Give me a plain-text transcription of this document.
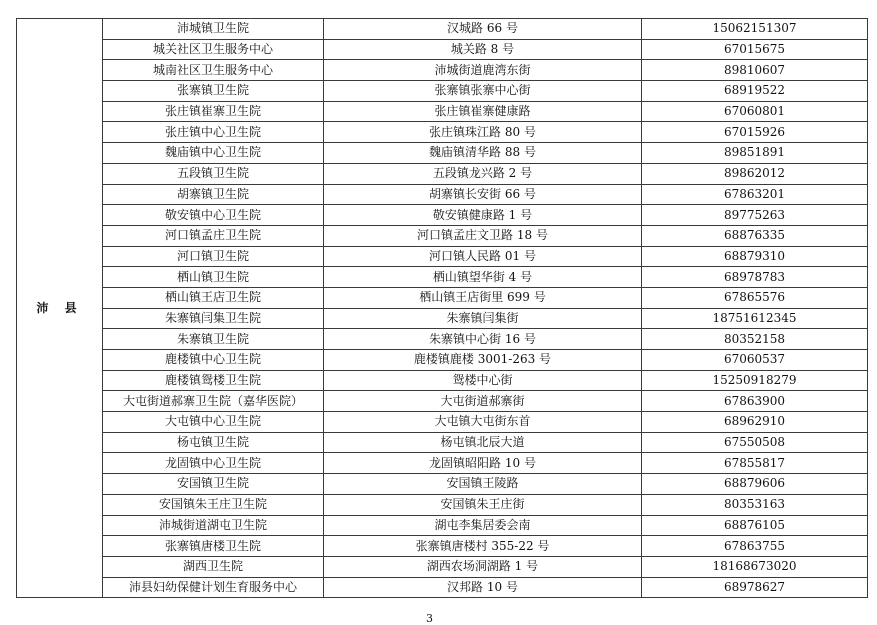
沛 县	沛城镇卫生院	汉城路 66 号	15062151307
	城关社区卫生服务中心	城关路 8 号	67015675
	城南社区卫生服务中心	沛城街道鹿湾东街	89810607
	张寨镇卫生院	张寨镇张寨中心街	68919522
	张庄镇崔寨卫生院	张庄镇崔寨健康路	67060801
	张庄镇中心卫生院	张庄镇珠江路 80 号	67015926
	魏庙镇中心卫生院	魏庙镇清华路 88 号	89851891
	五段镇卫生院	五段镇龙兴路 2 号	89862012
	胡寨镇卫生院	胡寨镇长安街 66 号	67863201
	敬安镇中心卫生院	敬安镇健康路 1 号	89775263
	河口镇孟庄卫生院	河口镇孟庄文卫路 18 号	68876335
	河口镇卫生院	河口镇人民路 01 号	68879310
	栖山镇卫生院	栖山镇望华街 4 号	68978783
	栖山镇王店卫生院	栖山镇王店街里 699 号	67865576
	朱寨镇闫集卫生院	朱寨镇闫集街	18751612345
	朱寨镇卫生院	朱寨镇中心街 16 号	80352158
	鹿楼镇中心卫生院	鹿楼镇鹿楼 3001-263 号	67060537
	鹿楼镇鸳楼卫生院	鸳楼中心街	15250918279
	大屯街道郝寨卫生院（嘉华医院）	大屯街道郝寨街	67863900
	大屯镇中心卫生院	大屯镇大屯街东首	68962910
	杨屯镇卫生院	杨屯镇北辰大道	67550508
	龙固镇中心卫生院	龙固镇昭阳路 10 号	67855817
	安国镇卫生院	安国镇王陵路	68879606
	安国镇朱王庄卫生院	安国镇朱王庄街	80353163
	沛城街道湖屯卫生院	湖屯李集居委会南	68876105
	张寨镇唐楼卫生院	张寨镇唐楼村 355-22 号	67863755
	湖西卫生院	湖西农场洞湖路 1 号	18168673020
	沛县妇幼保健计划生育服务中心	汉邦路 10 号	68978627
3
